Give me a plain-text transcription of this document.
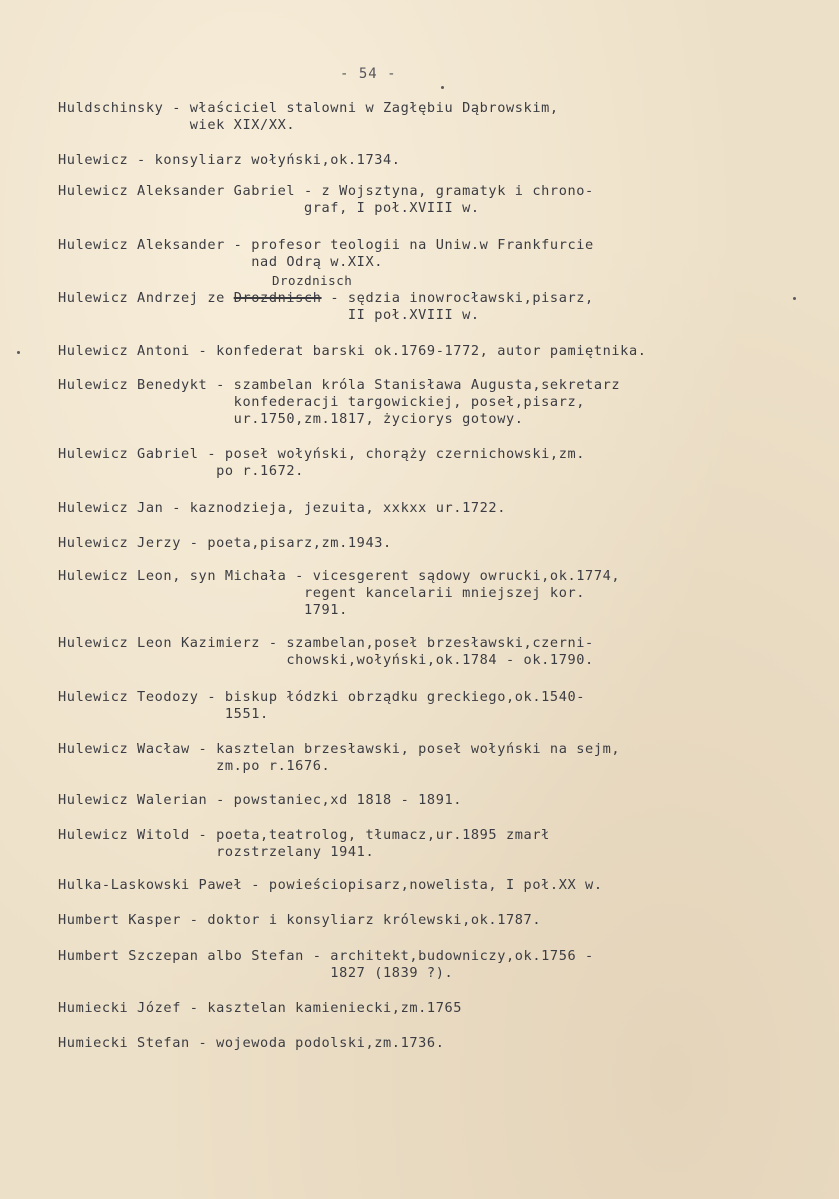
- 54 -
Huldschinsky - właściciel stalowni w Zagłębiu Dąbrowskim,
wiek XIX/XX.
Hulewicz - konsyliarz wołyński,ok.1734.
Hulewicz Aleksander Gabriel - z Wojsztyna, gramatyk i chrono-
graf, I poł.XVIII w.
Hulewicz Aleksander - profesor teologii na Uniw.w Frankfurcie
nad Odrą w.XIX.
Drozdnisch
Hulewicz Andrzej ze Drozdnisch - sędzia inowrocławski,pisarz,
II poł.XVIII w.
Hulewicz Antoni - konfederat barski ok.1769-1772, autor pamiętnika.
Hulewicz Benedykt - szambelan króla Stanisława Augusta,sekretarz
konfederacji targowickiej, poseł,pisarz,
ur.1750,zm.1817, życiorys gotowy.
Hulewicz Gabriel - poseł wołyński, chorąży czernichowski,zm.
po r.1672.
Hulewicz Jan - kaznodzieja, jezuita, xxkxx ur.1722.
Hulewicz Jerzy - poeta,pisarz,zm.1943.
Hulewicz Leon, syn Michała - vicesgerent sądowy owrucki,ok.1774,
regent kancelarii mniejszej kor.
1791.
Hulewicz Leon Kazimierz - szambelan,poseł brzesławski,czerni-
chowski,wołyński,ok.1784 - ok.1790.
Hulewicz Teodozy - biskup łódzki obrządku greckiego,ok.1540-
1551.
Hulewicz Wacław - kasztelan brzesławski, poseł wołyński na sejm,
zm.po r.1676.
Hulewicz Walerian - powstaniec,xd 1818 - 1891.
Hulewicz Witold - poeta,teatrolog, tłumacz,ur.1895 zmarł
rozstrzelany 1941.
Hulka-Laskowski Paweł - powieściopisarz,nowelista, I poł.XX w.
Humbert Kasper - doktor i konsyliarz królewski,ok.1787.
Humbert Szczepan albo Stefan - architekt,budowniczy,ok.1756 -
1827 (1839 ?).
Humiecki Józef - kasztelan kamieniecki,zm.1765
Humiecki Stefan - wojewoda podolski,zm.1736.
